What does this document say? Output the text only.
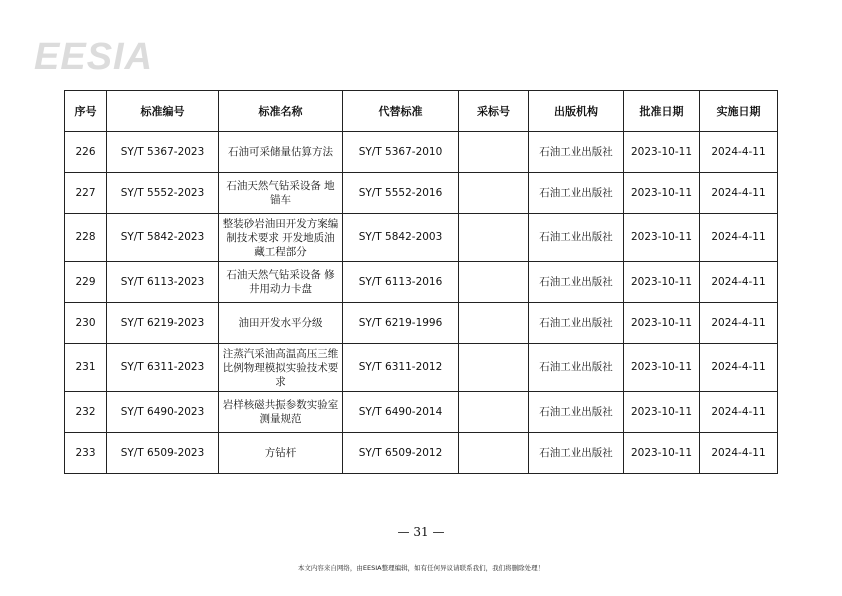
EESIA
序号	标准编号	标准名称	代替标准	采标号	出版机构	批准日期	实施日期
226	SY/T 5367-2023	石油可采储量估算方法	SY/T 5367-2010		石油工业出版社	2023-10-11	2024-4-11
227	SY/T 5552-2023	石油天然气钻采设备 地锚车	SY/T 5552-2016		石油工业出版社	2023-10-11	2024-4-11
228	SY/T 5842-2023	整装砂岩油田开发方案编制技术要求 开发地质油藏工程部分	SY/T 5842-2003		石油工业出版社	2023-10-11	2024-4-11
229	SY/T 6113-2023	石油天然气钻采设备 修井用动力卡盘	SY/T 6113-2016		石油工业出版社	2023-10-11	2024-4-11
230	SY/T 6219-2023	油田开发水平分级	SY/T 6219-1996		石油工业出版社	2023-10-11	2024-4-11
231	SY/T 6311-2023	注蒸汽采油高温高压三维比例物理模拟实验技术要求	SY/T 6311-2012		石油工业出版社	2023-10-11	2024-4-11
232	SY/T 6490-2023	岩样核磁共振参数实验室测量规范	SY/T 6490-2014		石油工业出版社	2023-10-11	2024-4-11
233	SY/T 6509-2023	方钻杆	SY/T 6509-2012		石油工业出版社	2023-10-11	2024-4-11
— 31 —
本文内容来自网络，由EESIA整理编辑，如有任何异议请联系我们，我们将删除处理！
